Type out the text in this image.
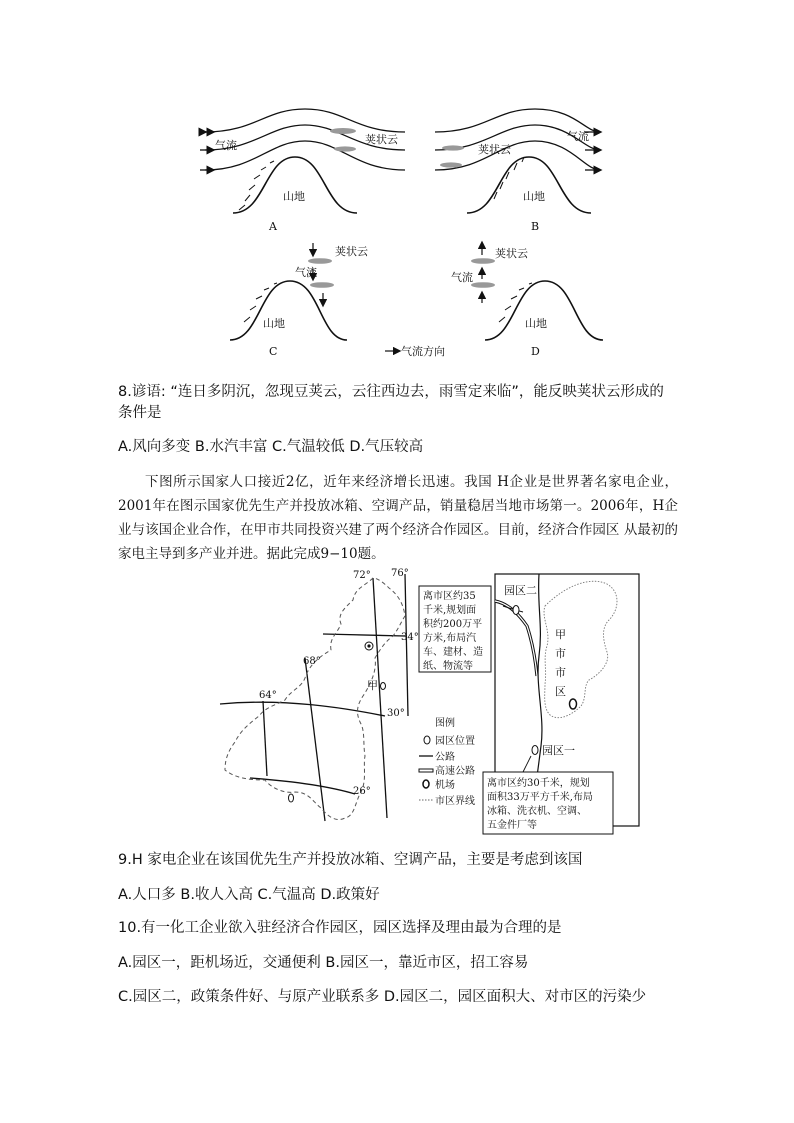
气流	荚状云
山地
A
荚状云
气流
山地
B
荚状云
气流
山地
C	气流方向
荚状云
气流
山地
D
8.谚语: “连日多阴沉，忽现豆荚云，云往西边去，雨雪定来临”，能反映荚状云形成的
条件是
A.风向多变 B.水汽丰富 C.气温较低 D.气压较高
下图所示国家人口接近2亿，近年来经济增长迅速。我国 H企业是世界著名家电企业，2001年在图示国家优先生产并投放冰箱、空调产品，销量稳居当地市场第一。2006年，H企业与该国企业合作，在甲市共同投资兴建了两个经济合作园区。目前，经济合作园区 从最初的家电主导到多产业并进。据此完成9−10题。
72° 76°
68°
64°
34°
30°
26°
甲
图例
园区位置
公路
高速公路
机场
市区界线
离市区约35
千米,规划面
积约200万平
方米,布局汽
车、建材、造
纸、物流等
园区二
甲
市
市
区
园区一
离市区约30千米，规划
面积33万平方千米,布局
冰箱、洗衣机、空调、
五金件厂等
9.H 家电企业在该国优先生产并投放冰箱、空调产品，主要是考虑到该国
A.人口多 B.收人入高 C.气温高 D.政策好
10.有一化工企业欲入驻经济合作园区，园区选择及理由最为合理的是
A.园区一，距机场近，交通便利 B.园区一，靠近市区，招工容易
C.园区二，政策条件好、与原产业联系多 D.园区二，园区面积大、对市区的污染少
